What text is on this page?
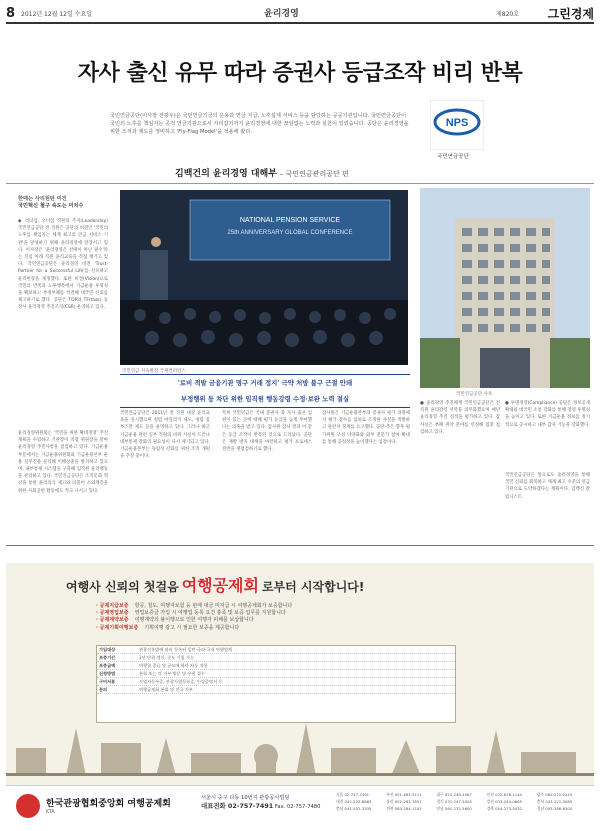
8 2012년 12월 12일 수요일	윤리경영	제820호 그린경제
자사 출신 유무 따라 증권사 등급조작 비리 반복
국민연금공단(이사장 전광우)은 국민연금기금의 운용과 연금 지급, 노후설계 서비스 등을 담당하는 공공기관입니다. 국민연금공단이 국민의 노후를 책임지는 공적 연금기관으로서 자리잡기까지 윤리경영에 대한 끊임없는 노력과 실천이 있었습니다. 공단은 윤리경영을 위한 조직과 제도를 정비하고 'Fly-Flag Model'을 적용해 왔다.
NPS
국민연금공단
김백건의 윤리경영 대해부 – 국민연금관리공단 편
한때는 사리원탄 미진
국민혁신 철구 속도는 미치수
◆ 리더십, 오너십 직원의 주지(Leadership) 국민연금공단 전 직원은 공단의 비전인 '국민의 노후를 책임지는 세계 최고의 연금 서비스 기관'을 달성하기 위해 윤리경영에 앞장서고 있다. 이사장은 '윤리경영은 선택이 아닌 필수'라는 신념 아래 직원 윤리교육을 직접 챙기고 있다. 국민연금공단은 윤리경영 비전 'Trust-Partner for a Successful Life'를 선포하고 윤리헌장을 제정했다. 또한 비전(Vision)으로 국민의 만족과 노후행복에서 기금운용 투명성을 확보하고 부정부패를 척결해 대국민 신뢰를 제고하기로 했다. 공단은 TOP와 TF(task) 등 전사 윤리경영 추진조직(CSR) 운영하고 있다.
윤리경영위원회는 '국민을 위한 확대경영' 추진계획을 수립하고 기관장이 직접 위원장을 맡아 윤리경영 추진사항을 점검하고 있다. 기금운용 부문에서는 기금운용위원회와 기금운용본부 운용 실무진을 분리해 이해상충을 방지하고 있으며, 내부통제 시스템을 구축해 임직원 윤리행동을 관리하고 있다. 국민연금공단은 조직문화 혁신을 통한 윤리의식 제고와 더불어 소외계층을 위한 사회공헌 활동에도 적극 나서고 있다.
국민연금공단은 2011년 전 직원 대상 윤리교육을 실시했으며 청렴 마일리지 제도, 청렴 옴부즈만 제도 등을 운영하고 있다. 그러나 최근 기금운용 관련 일부 직원의 비위 사실이 드러나 내부통제 강화의 필요성이 다시 제기되고 있다. 기금운용본부는 독립성 강화를 위한 조직 개편을 추진 중이다.
특히 국민연금은 국내 증권사 중 자사 출신 임원이 있는 곳에 대해 평가 등급을 높게 부여했다는 의혹을 받고 있다. 감사원 감사 결과 이 같은 등급 조작이 반복된 것으로 드러났다. 공단은 재발 방지 대책을 마련하고 평가 프로세스 전반을 재점검하기로 했다.
감사원은 기금운용본부의 증권사 평가 과정에서 평가 점수를 임의로 조정한 사실을 적발하고 관련자 징계를 요구했다. 공단 측은 향후 평가위원 구성 다양화와 외부 전문가 참여 확대를 통해 공정성을 높이겠다는 입장이다.
● 윤리경영 추진체계 국민연금공단은 전 직원 윤리강령 서약을 의무화했으며 매년 윤리경영 추진 실적을 평가하고 있다. 감사실은 부패 취약 분야를 선정해 집중 점검하고 있다.
● 투명경영(Compliance) 공단은 정보공개 확대와 대국민 소통 강화를 통해 경영 투명성을 높이고 있다. 또한 기금운용 정보를 정기적으로 공시하고 내부 감사 기능을 강화했다.
국민연금공단은 앞으로도 윤리경영을 통해 국민 신뢰를 회복하고 세계 최고 수준의 연금 기관으로 도약하겠다는 계획이다. 김백건 칼럼니스트.
NATIONAL PENSION SERVICE
25th ANNIVERSARY GLOBAL CONFERENCE
국민연금 지속발전 국제컨퍼런스
국민연금공단 사옥
'로비 적발 금융기관 명구 거래 정지' 극약 처방 불구 근절 안돼
부정행위 등 차단 위한 임직원 행동강령 수정·보완 노력 절실
여행사 신뢰의 첫걸음 여행공제회 로부터 시작합니다!
· 공제지급보증 항공, 철도, 여행자보험 등 판매 대금 미지급 시 여행공제회가 보증합니다
· 공제영업보증 영업보증금 가입 시 여행업 등록 요건 충족 및 보증 업무를 지원합니다
· 공제계약보증 여행계약의 불이행으로 인한 여행자 피해를 보상합니다
· 공제기획여행보증 기획여행 광고 시 필요한 보증을 제공합니다
가입대상	관광진흥법에 따라 등록된 일반·국외·국내 여행업체
보증기간	1년 단위 갱신, 중도 가입 가능
보증금액	여행업 종류 및 규모에 따라 차등 적용
신청방법	본회 또는 각 지부 방문 및 우편 접수
구비서류	사업자등록증, 관광사업등록증, 인감증명서 등
문의	여행공제회 본회 및 전국 지부
한국관광협회중앙회 여행공제회
KTA
서울시 중구 다동 10번지 관광공사빌딩
대표전화 02-757-7491 Fax. 02-757-7480
서울 02-757-7491	부산 051-463-3111	대구 053-246-4567	인천 032-876-1144	광주 062-222-0245
대전 042-222-8883	울산 052-261-7851	경기 031-247-5005	강원 033-244-0665	충북 043-221-0085
충남 041-552-3335	전북 063-284-1102	전남 061-272-5600	경북 054-273-5432	경남 055-286-6300
